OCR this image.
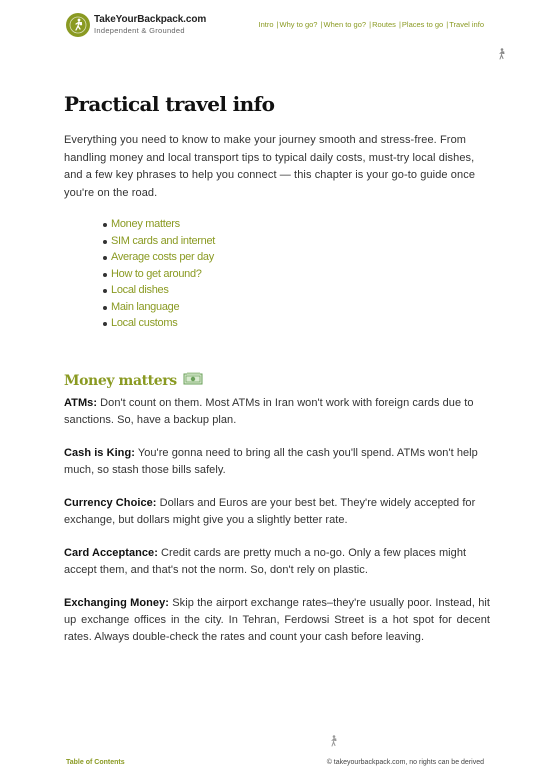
TakeYourBackpack.com
Independent & Grounded
Intro | Why to go? | When to go? | Routes | Places to go | Travel info
Practical travel info
Everything you need to know to make your journey smooth and stress-free. From handling money and local transport tips to typical daily costs, must-try local dishes, and a few key phrases to help you connect — this chapter is your go-to guide once you're on the road.
Money matters
SIM cards and internet
Average costs per day
How to get around?
Local dishes
Main language
Local customs
Money matters

ATMs: Don't count on them. Most ATMs in Iran won't work with foreign cards due to sanctions. So, have a backup plan.

Cash is King: You're gonna need to bring all the cash you'll spend. ATMs won't help much, so stash those bills safely.

Currency Choice: Dollars and Euros are your best bet. They're widely accepted for exchange, but dollars might give you a slightly better rate.

Card Acceptance: Credit cards are pretty much a no-go. Only a few places might accept them, and that's not the norm. So, don't rely on plastic.

Exchanging Money: Skip the airport exchange rates–they're usually poor. Instead, hit up exchange offices in the city. In Tehran, Ferdowsi Street is a hot spot for decent rates. Always double-check the rates and count your cash before leaving.

Table of Contents	© takeyourbackpack.com, no rights can be derived
